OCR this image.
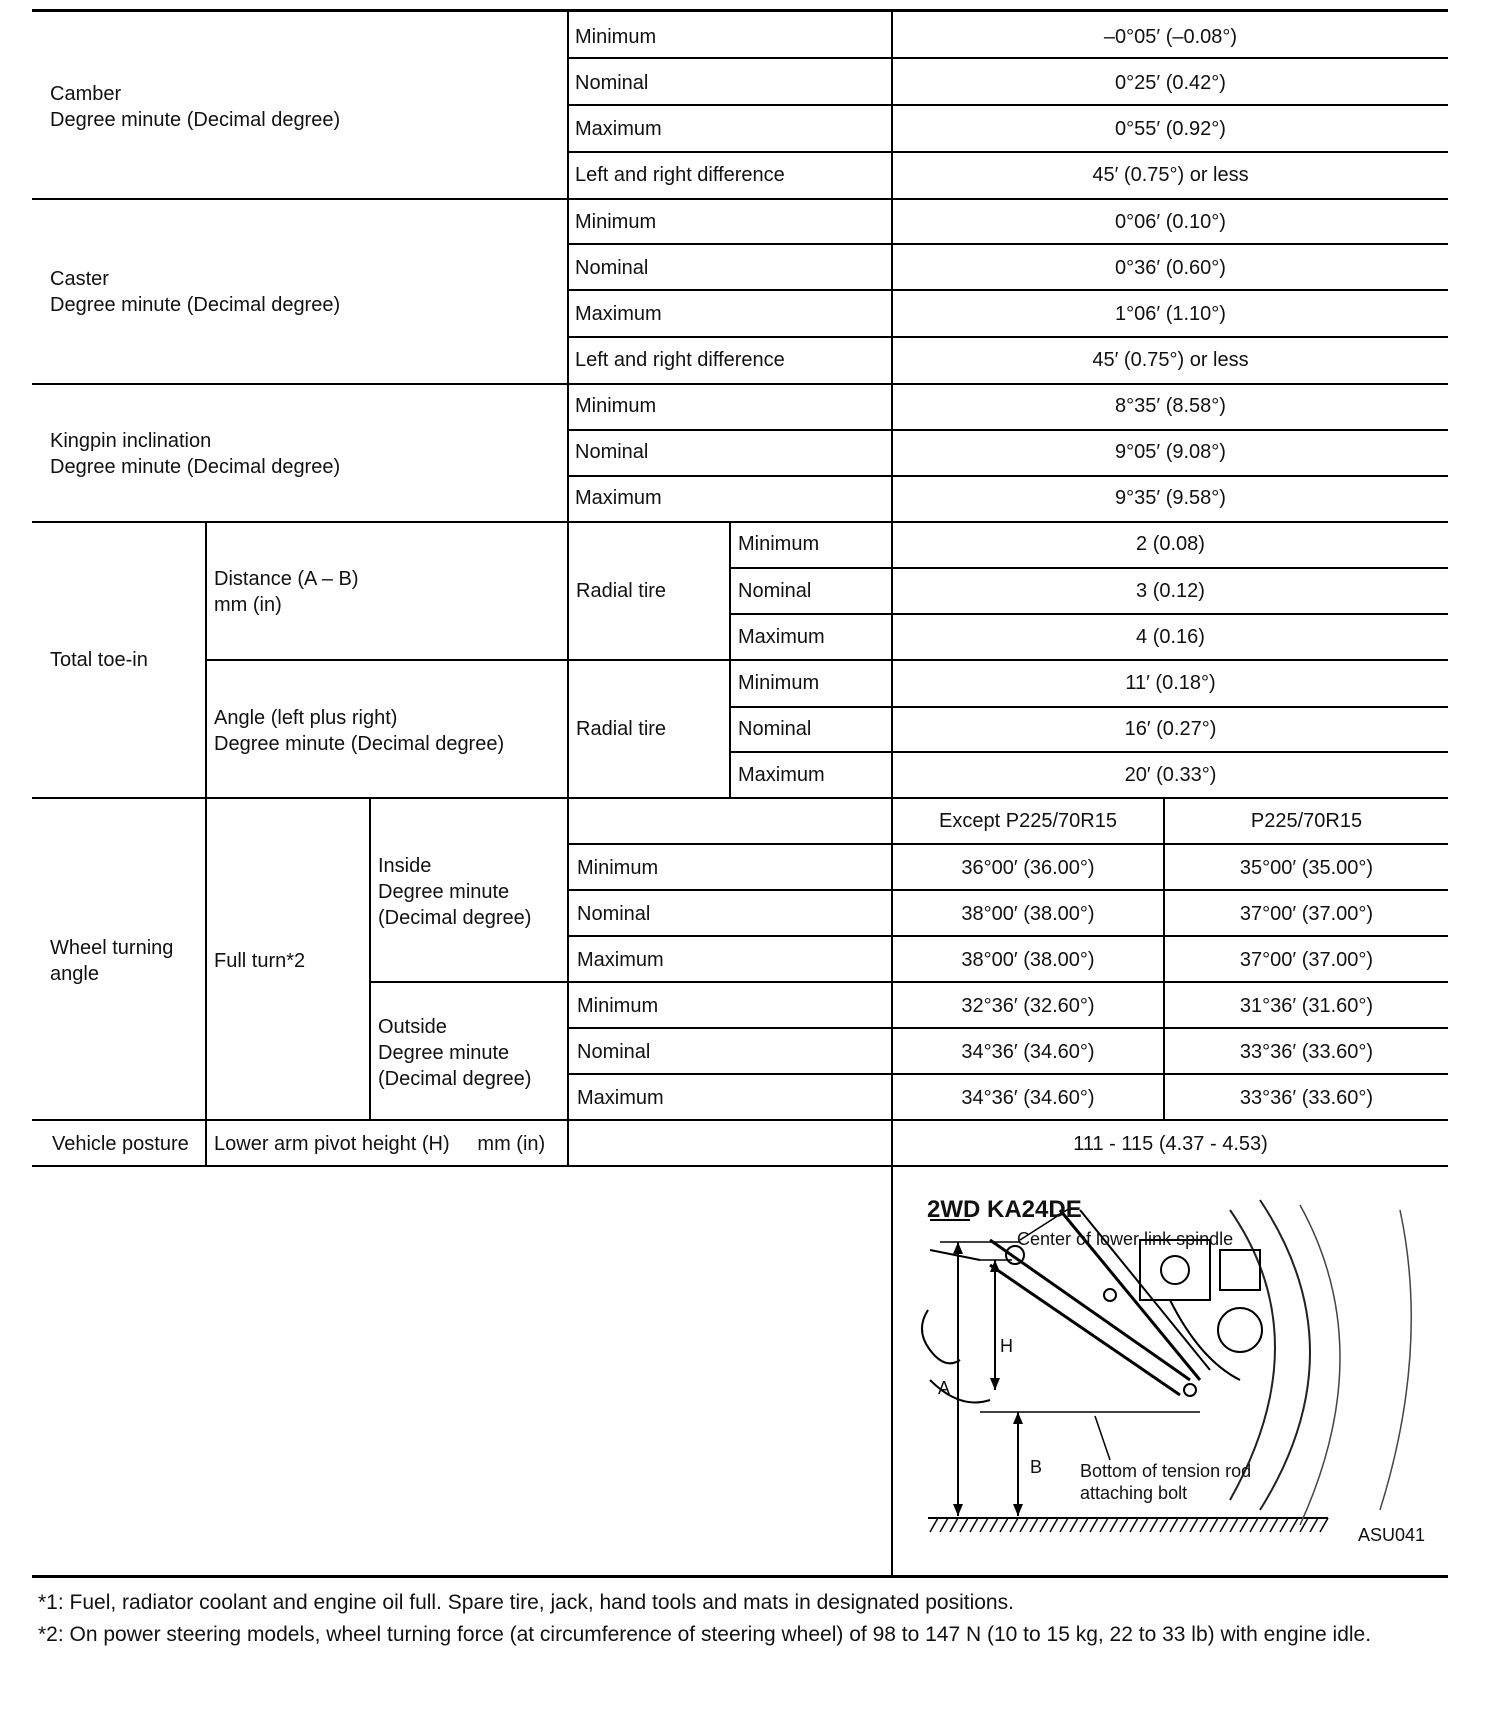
Camber
Degree minute (Decimal degree)
Minimum	–0°05′ (–0.08°)
Nominal	0°25′ (0.42°)
Maximum	0°55′ (0.92°)
Left and right difference	45′ (0.75°) or less
Caster
Degree minute (Decimal degree)
Minimum	0°06′ (0.10°)
Nominal	0°36′ (0.60°)
Maximum	1°06′ (1.10°)
Left and right difference	45′ (0.75°) or less
Kingpin inclination
Degree minute (Decimal degree)
Minimum	8°35′ (8.58°)
Nominal	9°05′ (9.08°)
Maximum	9°35′ (9.58°)
Total toe-in
Distance (A – B)
mm (in)
Radial tire
Minimum	2 (0.08)
Nominal	3 (0.12)
Maximum	4 (0.16)
Angle (left plus right)
Degree minute (Decimal degree)
Radial tire
Minimum	11′ (0.18°)
Nominal	16′ (0.27°)
Maximum	20′ (0.33°)
Wheel turning
angle
Full turn*2
Except P225/70R15	P225/70R15
Inside
Degree minute
(Decimal degree)
Minimum	36°00′ (36.00°)	35°00′ (35.00°)
Nominal	38°00′ (38.00°)	37°00′ (37.00°)
Maximum	38°00′ (38.00°)	37°00′ (37.00°)
Outside
Degree minute
(Decimal degree)
Minimum	32°36′ (32.60°)	31°36′ (31.60°)
Nominal	34°36′ (34.60°)	33°36′ (33.60°)
Maximum	34°36′ (34.60°)	33°36′ (33.60°)
Vehicle posture Lower arm pivot height (H)     mm (in)	111 - 115 (4.37 - 4.53)
2WD KA24DE
Center of lower link spindle
A
H
B Bottom of tension rod
attaching bolt
ASU041
*1: Fuel, radiator coolant and engine oil full. Spare tire, jack, hand tools and mats in designated positions.
*2: On power steering models, wheel turning force (at circumference of steering wheel) of 98 to 147 N (10 to 15 kg, 22 to 33 lb) with engine idle.
